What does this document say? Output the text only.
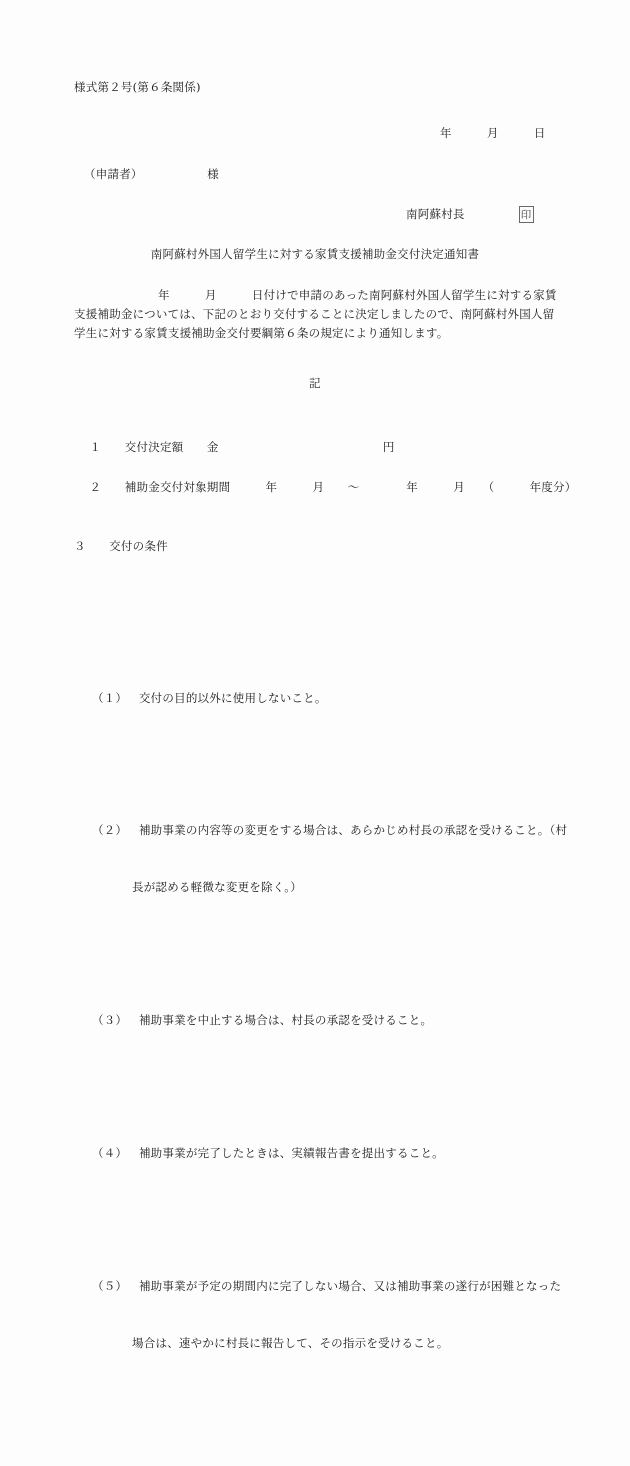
様式第２号(第６条関係)
年　　　月　　　日
（申請者）　　　　　　様
南阿蘇村長	印
南阿蘇村外国人留学生に対する家賃支援補助金交付決定通知書
年　　　月　　　日付けで申請のあった南阿蘇村外国人留学生に対する家賃支援補助金については、下記のとおり交付することに決定しましたので、南阿蘇村外国人留学生に対する家賃支援補助金交付要綱第６条の規定により通知します。
記

１　　 交付決定額　　 金　　　　　　　　　　　　　　円

２　　 補助金交付対象期間　　　	年　　　月　　～　　　　年　　　月　　（　　　年度分）

３　　 交付の条件

（１）　 交付の目的以外に使用しないこと。

（２）　 補助事業の内容等の変更をする場合は、あらかじめ村長の承認を受けること。（村

長が認める軽微な変更を除く。）

（３）　 補助事業を中止する場合は、村長の承認を受けること。

（４）　 補助事業が完了したときは、実績報告書を提出すること。

（５）　 補助事業が予定の期間内に完了しない場合、又は補助事業の遂行が困難となった

場合は、速やかに村長に報告して、その指示を受けること。
